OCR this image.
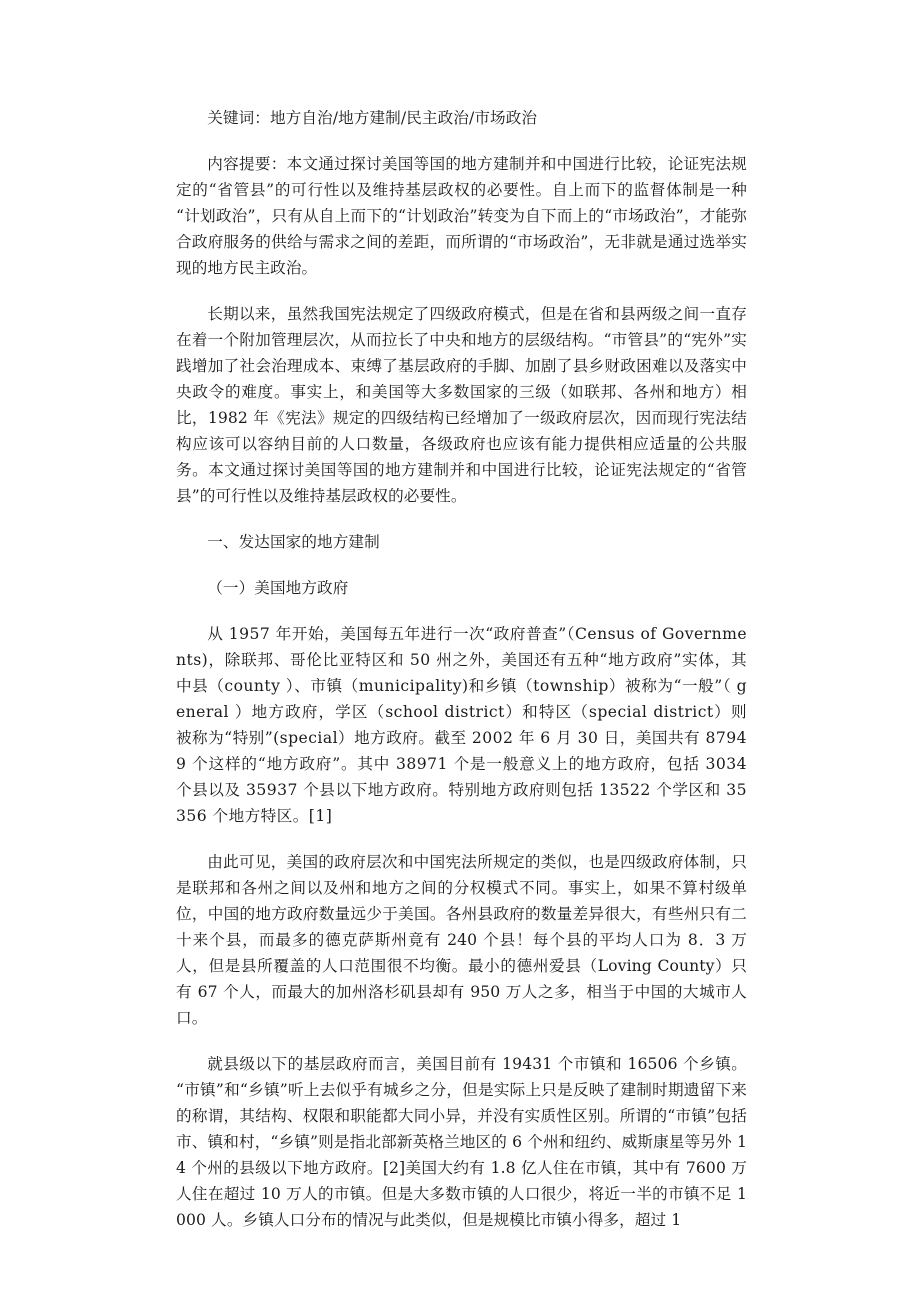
关键词：地方自治/地方建制/民主政治/市场政治

内容提要：本文通过探讨美国等国的地方建制并和中国进行比较，论证宪法规定的“省管县”的可行性以及维持基层政权的必要性。自上而下的监督体制是一种“计划政治”，只有从自上而下的“计划政治”转变为自下而上的“市场政治”，才能弥合政府服务的供给与需求之间的差距，而所谓的“市场政治”，无非就是通过选举实现的地方民主政治。

长期以来，虽然我国宪法规定了四级政府模式，但是在省和县两级之间一直存在着一个附加管理层次，从而拉长了中央和地方的层级结构。“市管县”的“宪外”实践增加了社会治理成本、束缚了基层政府的手脚、加剧了县乡财政困难以及落实中央政令的难度。事实上，和美国等大多数国家的三级（如联邦、各州和地方）相比，1982 年《宪法》规定的四级结构已经增加了一级政府层次，因而现行宪法结构应该可以容纳目前的人口数量，各级政府也应该有能力提供相应适量的公共服务。本文通过探讨美国等国的地方建制并和中国进行比较，论证宪法规定的“省管县”的可行性以及维持基层政权的必要性。

一、发达国家的地方建制

（一）美国地方政府

从 1957 年开始，美国每五年进行一次“政府普查”（Census of Governments)，除联邦、哥伦比亚特区和 50 州之外，美国还有五种“地方政府”实体，其中县（county ）、市镇（municipality)和乡镇（township）被称为“一般”（ general ）地方政府，学区（school district）和特区（special district）则被称为“特别”(special）地方政府。截至 2002 年 6 月 30 日，美国共有 87949 个这样的“地方政府”。其中 38971 个是一般意义上的地方政府，包括 3034 个县以及 35937 个县以下地方政府。特别地方政府则包括 13522 个学区和 35356 个地方特区。[1]

由此可见，美国的政府层次和中国宪法所规定的类似，也是四级政府体制，只是联邦和各州之间以及州和地方之间的分权模式不同。事实上，如果不算村级单位，中国的地方政府数量远少于美国。各州县政府的数量差异很大，有些州只有二十来个县，而最多的德克萨斯州竟有 240 个县！每个县的平均人口为 8．3 万人，但是县所覆盖的人口范围很不均衡。最小的德州爱县（Loving County）只有 67 个人，而最大的加州洛杉矶县却有 950 万人之多，相当于中国的大城市人口。

就县级以下的基层政府而言，美国目前有 19431 个市镇和 16506 个乡镇。“市镇”和“乡镇”听上去似乎有城乡之分，但是实际上只是反映了建制时期遗留下来的称谓，其结构、权限和职能都大同小异，并没有实质性区别。所谓的“市镇”包括市、镇和村，“乡镇”则是指北部新英格兰地区的 6 个州和纽约、威斯康星等另外 14 个州的县级以下地方政府。[2]美国大约有 1.8 亿人住在市镇，其中有 7600 万人住在超过 10 万人的市镇。但是大多数市镇的人口很少，将近一半的市镇不足 1000 人。乡镇人口分布的情况与此类似，但是规模比市镇小得多，超过 1
